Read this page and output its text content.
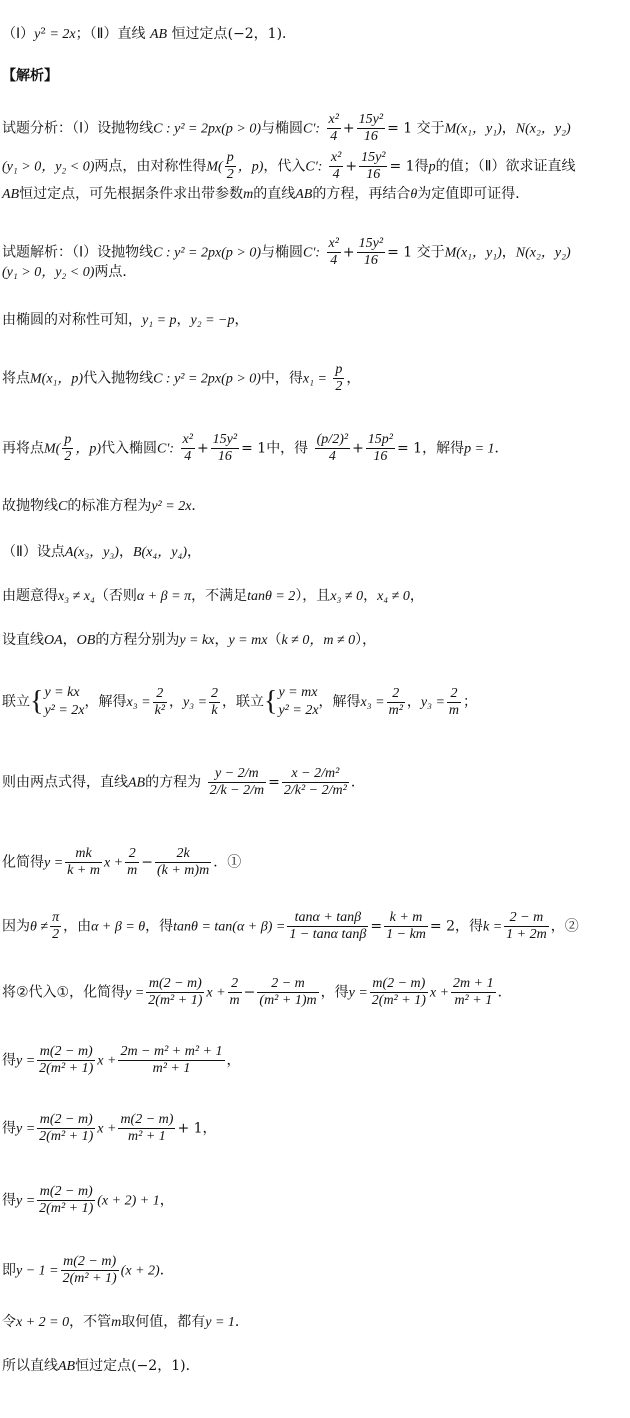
（Ⅰ）y² = 2x；（Ⅱ）直线 AB 恒过定点(−2，1)．
【解析】
试题分析：（Ⅰ）设抛物线C : y² = 2px(p > 0)与椭圆C′: $\frac{\text{x²}}{4} + \frac{\text{15y²}}{16} = 1$ 交于M(x₁，y₁)，N(x₂，y₂)
(y₁ > 0，y₂ < 0)两点，由对称性得$M( \frac{p}{2}$ ，p)，代入C′: $\frac{\text{x²}}{4} + \frac{\text{15y²}}{16} = 1$得p的值；（Ⅱ）欲求证直线
AB恒过定点，可先根据条件求出带参数m的直线AB的方程，再结合θ为定值即可证得．
试题解析：（Ⅰ）设抛物线C : y² = 2px(p > 0)与椭圆C′: $\frac{\text{x²}}{4} + \frac{\text{15y²}}{16} = 1$ 交于M(x₁，y₁)，N(x₂，y₂)
(y₁ > 0，y₂ < 0)两点．
由椭圆的对称性可知，y₁ = p，y₂ = −p，
将点M(x₁，p)代入抛物线C : y² = 2px(p > 0)中，得$x_1 = \frac{p}{2}$ ，
再将点$M( \frac{p}{2}$ ，p)代入椭圆C′: $\frac{\text{x²}}{4} + \frac{\text{15y²}}{16} = 1$中，得 $\frac{\text{(p/2)²}}{4} + \frac{\text{15p²}}{16} = 1$，解得p = 1．
故抛物线C的标准方程为y² = 2x．
（Ⅱ）设点A(x₃，y₃)，B(x₄，y₄)，
由题意得x₃ ≠ x₄（否则α + β = π，不满足tanθ = 2），且x₃ ≠ 0，x₄ ≠ 0，
设直线OA，OB的方程分别为y = kx，y = mx（k ≠ 0，m ≠ 0），
联立{ y = kx
y² = 2x
，解得$x_3 = \frac{2}{\text{k²}}$ ，$y_3 = \frac{2}{k}$ ，联立{ y = mx
y² = 2x
，解得$x_3 = \frac{2}{\text{m²}}$ ，$y_3 = \frac{2}{m}$ ；
则由两点式得，直线AB的方程为 $\frac{y - 2/m}{2/k - 2/m} = \frac{\text{x − 2/m²}}{\text{2/k² − 2/m²}}$ ．
化简得$y = \frac{mk}{k + m}$ $x + \frac{2}{m} - \frac{2k}{(k + m)m}$ ．①
因为$\theta \ne \frac{\pi}{2}$ ，由α + β = θ，得$\tan\theta = \tan(\alpha + \beta) = \frac{\tan\alpha + \tan\beta}{\text{1 − tanα tanβ}} = \frac{k + m}{1 - km} = 2$，得$k = \frac{2 - m}{1 + 2m}$ ，②
将②代入①，化简得$y = \frac{m(2 - m)}{\text{2(m² + 1)}}$ $x + \frac{2}{m} - \frac{2 - m}{\text{(m² + 1)m}}$ ，得$y = \frac{m(2 - m)}{\text{2(m² + 1)}}$ $x + \frac{2m + 1}{\text{m² + 1}}$ ．
得$y = \frac{m(2 - m)}{\text{2(m² + 1)}}$ $x + \frac{\text{2m − m² + m² + 1}}{\text{m² + 1}}$ ，
得$y = \frac{m(2 - m)}{\text{2(m² + 1)}}$ $x + \frac{m(2 - m)}{\text{m² + 1}} + 1$，
得$y = \frac{m(2 - m)}{\text{2(m² + 1)}} (x + 2) + 1$，
即$y - 1 = \frac{m(2 - m)}{\text{2(m² + 1)}} (x + 2)$．
令x + 2 = 0，不管m取何值，都有y = 1．
所以直线AB恒过定点(−2，1)．
